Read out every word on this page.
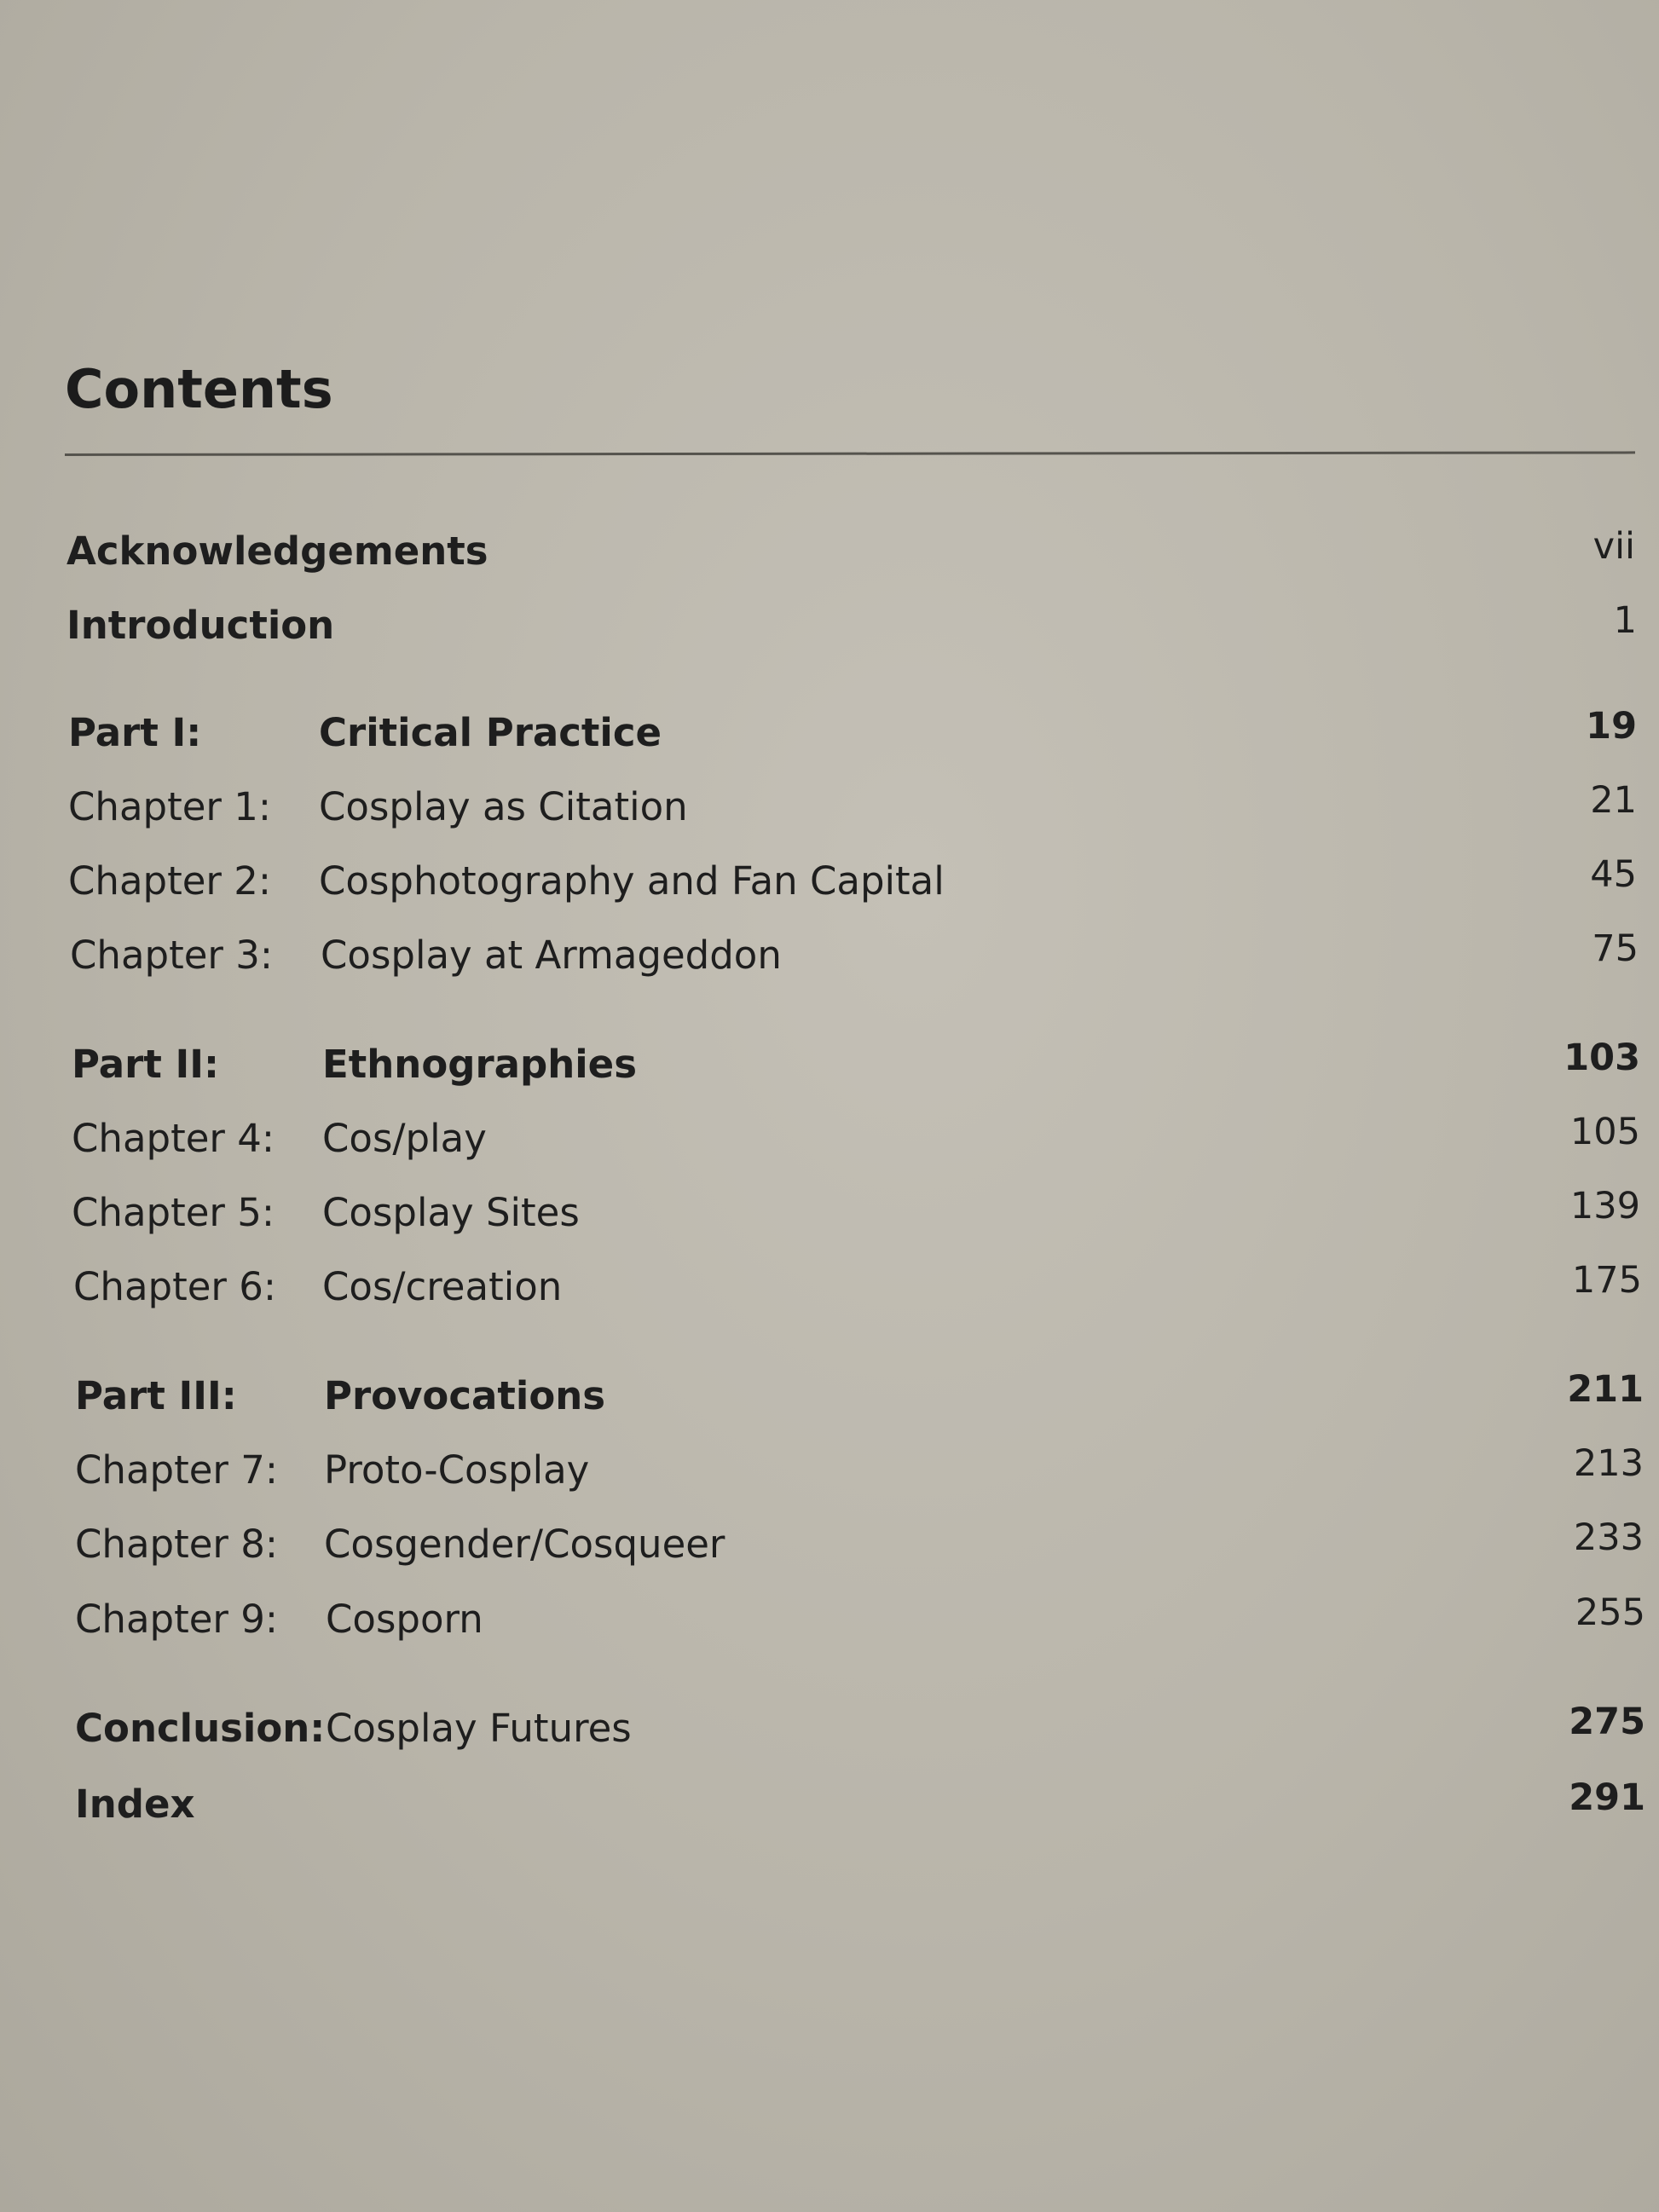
Contents
Acknowledgements	vii
Introduction	1
Part I:	Critical Practice	19
Chapter 1: Cosplay as Citation	21
Chapter 2: Cosphotography and Fan Capital	45
Chapter 3: Cosplay at Armageddon	75
Part II:	Ethnographies	103
Chapter 4: Cos/play	105
Chapter 5: Cosplay Sites	139
Chapter 6: Cos/creation	175
Part III: Provocations	211
Chapter 7: Proto-Cosplay	213
Chapter 8: Cosgender/Cosqueer	233
Chapter 9: Cosporn	255
Conclusion: Cosplay Futures	275
Index	291
